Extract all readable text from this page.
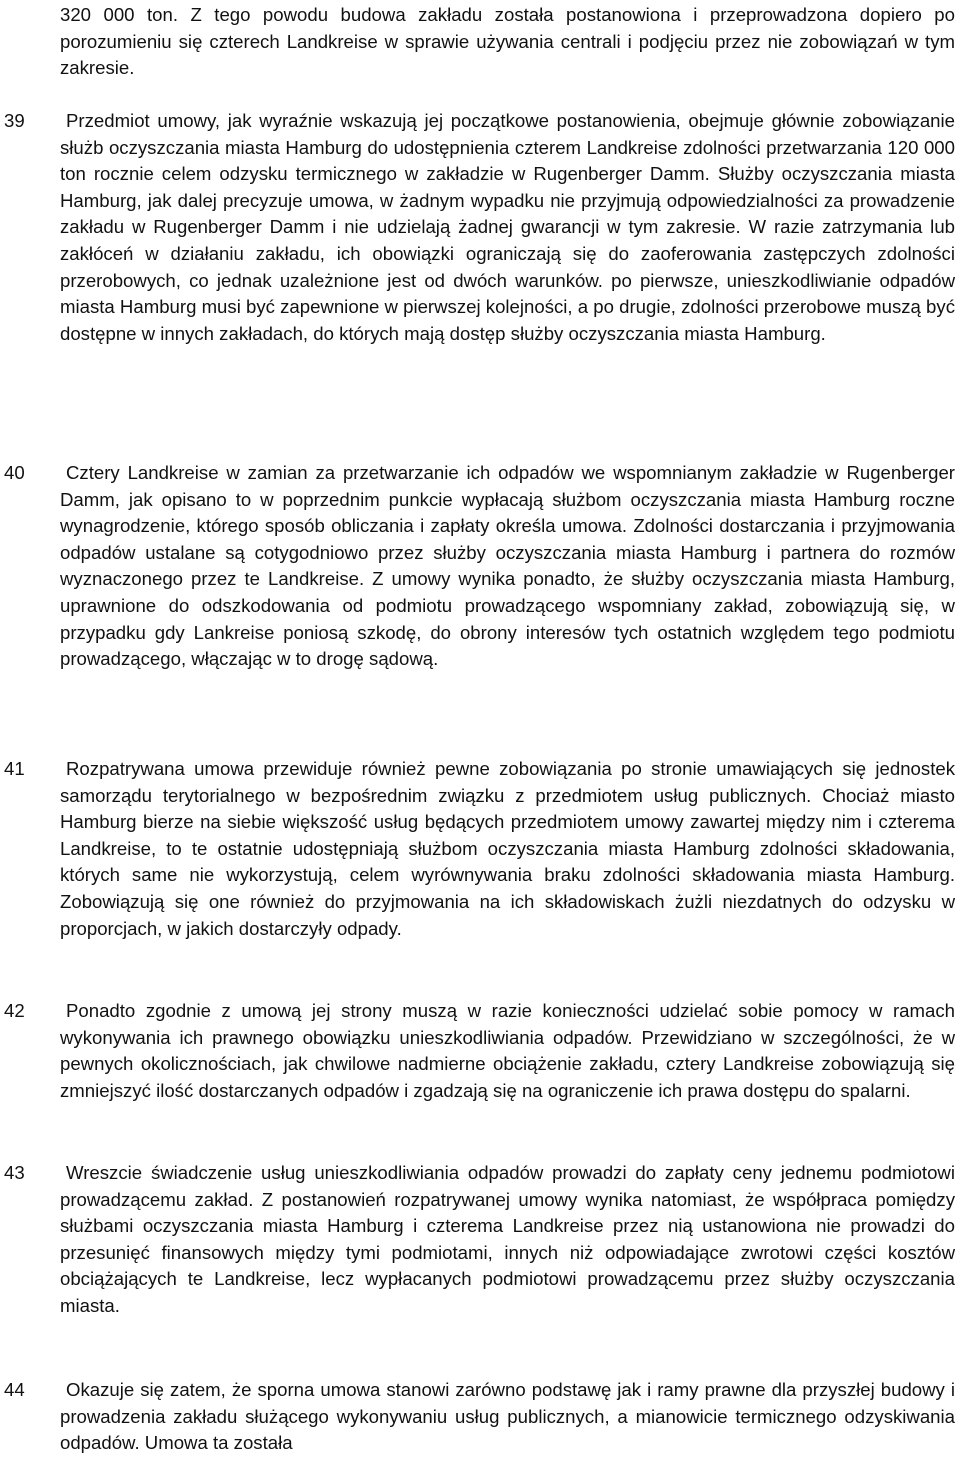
320 000 ton. Z tego powodu budowa zakładu została postanowiona i przeprowadzona dopiero po porozumieniu się czterech Landkreise w sprawie używania centrali i podjęciu przez nie zobowiązań w tym zakresie.
39	Przedmiot umowy, jak wyraźnie wskazują jej początkowe postanowienia, obejmuje głównie zobowiązanie służb oczyszczania miasta Hamburg do udostępnienia czterem Landkreise zdolności przetwarzania 120 000 ton rocznie celem odzysku termicznego w zakładzie w Rugenberger Damm. Służby oczyszczania miasta Hamburg, jak dalej precyzuje umowa, w żadnym wypadku nie przyjmują odpowiedzialności za prowadzenie zakładu w Rugenberger Damm i nie udzielają żadnej gwarancji w tym zakresie. W razie zatrzymania lub zakłóceń w działaniu zakładu, ich obowiązki ograniczają się do zaoferowania zastępczych zdolności przerobowych, co jednak uzależnione jest od dwóch warunków. po pierwsze, unieszkodliwianie odpadów miasta Hamburg musi być zapewnione w pierwszej kolejności, a po drugie, zdolności przerobowe muszą być dostępne w innych zakładach, do których mają dostęp służby oczyszczania miasta Hamburg.
40	Cztery Landkreise w zamian za przetwarzanie ich odpadów we wspomnianym zakładzie w Rugenberger Damm, jak opisano to w poprzednim punkcie wypłacają służbom oczyszczania miasta Hamburg roczne wynagrodzenie, którego sposób obliczania i zapłaty określa umowa. Zdolności dostarczania i przyjmowania odpadów ustalane są cotygodniowo przez służby oczyszczania miasta Hamburg i partnera do rozmów wyznaczonego przez te Landkreise. Z umowy wynika ponadto, że służby oczyszczania miasta Hamburg, uprawnione do odszkodowania od podmiotu prowadzącego wspomniany zakład, zobowiązują się, w przypadku gdy Lankreise poniosą szkodę, do obrony interesów tych ostatnich względem tego podmiotu prowadzącego, włączając w to drogę sądową.
41	Rozpatrywana umowa przewiduje również pewne zobowiązania po stronie umawiających się jednostek samorządu terytorialnego w bezpośrednim związku z przedmiotem usług publicznych. Chociaż miasto Hamburg bierze na siebie większość usług będących przedmiotem umowy zawartej między nim i czterema Landkreise, to te ostatnie udostępniają służbom oczyszczania miasta Hamburg zdolności składowania, których same nie wykorzystują, celem wyrównywania braku zdolności składowania miasta Hamburg. Zobowiązują się one również do przyjmowania na ich składowiskach żużli niezdatnych do odzysku w proporcjach, w jakich dostarczyły odpady.
42	Ponadto zgodnie z umową jej strony muszą w razie konieczności udzielać sobie pomocy w ramach wykonywania ich prawnego obowiązku unieszkodliwiania odpadów. Przewidziano w szczególności, że w pewnych okolicznościach, jak chwilowe nadmierne obciążenie zakładu, cztery Landkreise zobowiązują się zmniejszyć ilość dostarczanych odpadów i zgadzają się na ograniczenie ich prawa dostępu do spalarni.
43	Wreszcie świadczenie usług unieszkodliwiania odpadów prowadzi do zapłaty ceny jednemu podmiotowi prowadzącemu zakład. Z postanowień rozpatrywanej umowy wynika natomiast, że współpraca pomiędzy służbami oczyszczania miasta Hamburg i czterema Landkreise przez nią ustanowiona nie prowadzi do przesunięć finansowych między tymi podmiotami, innych niż odpowiadające zwrotowi części kosztów obciążających te Landkreise, lecz wypłacanych podmiotowi prowadzącemu przez służby oczyszczania miasta.
44	Okazuje się zatem, że sporna umowa stanowi zarówno podstawę jak i ramy prawne dla przyszłej budowy i prowadzenia zakładu służącego wykonywaniu usług publicznych, a mianowicie termicznego odzyskiwania odpadów. Umowa ta została
